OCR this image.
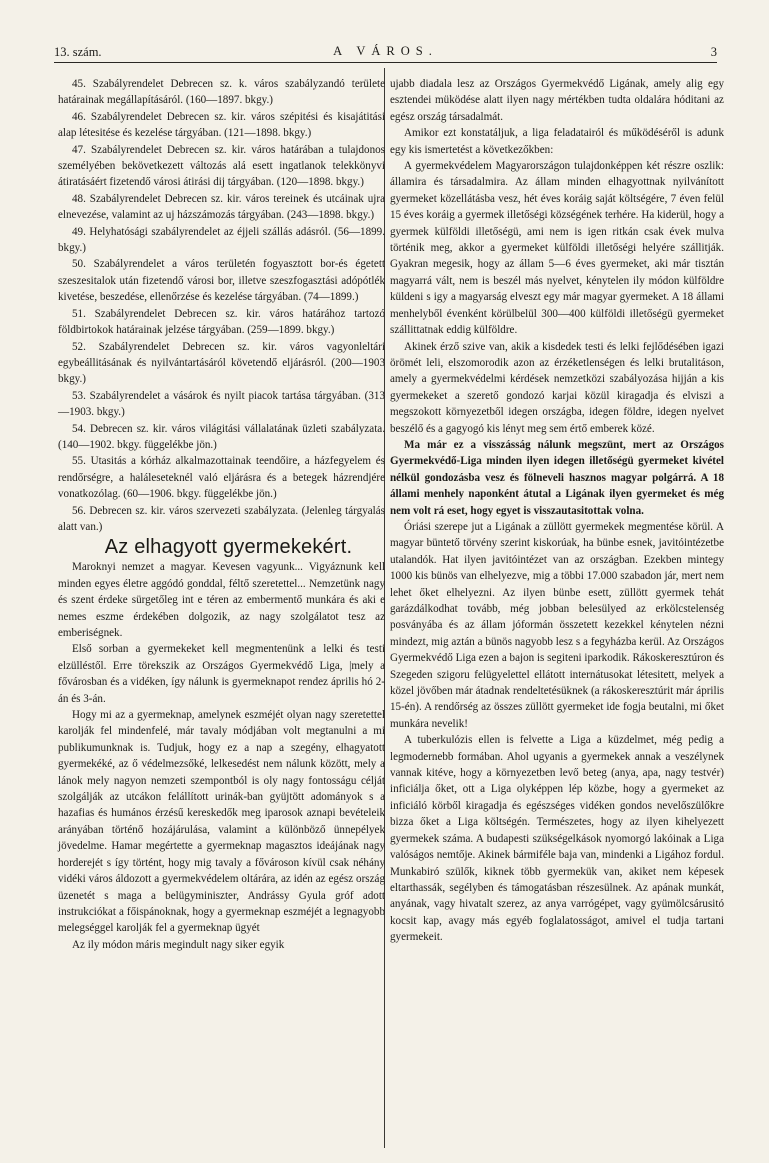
13. szám.	A VÁROS.	3

45. Szabályrendelet Debrecen sz. k. város szabályzandó területe határainak megállapításáról. (160—1897. bkgy.)

46. Szabályrendelet Debrecen sz. kir. város szépitési és kisajátitási alap létesitése és kezelése tárgyában. (121—1898. bkgy.)

47. Szabályrendelet Debrecen sz. kir. város határában a tulajdonos személyében bekövetkezett változás alá esett ingatlanok telekkönyvi átiratásáért fizetendő városi átirási dij tárgyában. (120—1898. bkgy.)

48. Szabályrendelet Debrecen sz. kir. város tereinek és utcáinak ujra elnevezése, valamint az uj házszámozás tárgyában. (243—1898. bkgy.)

49. Helyhatósági szabályrendelet az éjjeli szállás adásról. (56—1899. bkgy.)

50. Szabályrendelet a város területén fogyasztott bor-és égetett szeszesitalok után fizetendő városi bor, illetve szeszfogasztási adópótlék kivetése, beszedése, ellenőrzése és kezelése tárgyában. (74—1899.)

51. Szabályrendelet Debrecen sz. kir. város határához tartozó földbirtokok határainak jelzése tárgyában. (259—1899. bkgy.)

52. Szabályrendelet Debrecen sz. kir. város vagyonleltári egybeállitásának és nyilvántartásáról követendő eljárásról. (200—1903 bkgy.)

53. Szabályrendelet a vásárok és nyilt piacok tartása tárgyában. (313—1903. bkgy.)

54. Debrecen sz. kir. város világitási vállalatának üzleti szabályzata. (140—1902. bkgy. függelékbe jön.)

55. Utasitás a kórház alkalmazottainak teendőire, a házfegyelem és rendőrségre, a haláleseteknél való eljárásra és a betegek házrendjére vonatkozólag. (60—1906. bkgy. függelékbe jön.)

56. Debrecen sz. kir. város szervezeti szabályzata. (Jelenleg tárgyalás alatt van.)

Az elhagyott gyermekekért.

Maroknyi nemzet a magyar. Kevesen vagyunk... Vigyáznunk kell minden egyes életre aggódó gonddal, féltő szeretettel... Nemzetünk nagy és szent érdeke sürgetőleg int e téren az embermentő munkára és aki e nemes eszme érdekében dolgozik, az nagy szolgálatot tesz az emberiségnek.

Első sorban a gyermekeket kell megmentenünk a lelki és testi elzülléstől. Erre törekszik az Országos Gyermekvédő Liga, |mely a fővárosban és a vidéken, így nálunk is gyermeknapot rendez április hó 2-án és 3-án.

Hogy mi az a gyermeknap, amelynek eszméjét olyan nagy szeretettel karolják fel mindenfelé, már tavaly módjában volt megtanulni a mi publikumunknak is. Tudjuk, hogy ez a nap a szegény, elhagyatott gyermekéké, az ő védelmezsőké, lelkesedést nem nálunk között, mely a lánok mely nagyon nemzeti szempontból is oly nagy fontosságu célját szolgálják az utcákon felállított urinák-ban gyüjtött adományok s a hazafias és humános érzésű kereskedők meg iparosok aznapi bevételeik arányában történő hozájárulása, valamint a különböző ünnepélyek jövedelme. Hamar megértette a gyermeknap magasztos ideájának nagy horderejét s így történt, hogy mig tavaly a fővároson kívül csak néhány vidéki város áldozott a gyermekvédelem oltárára, az idén az egész ország üzenetét s maga a belügyminiszter, Andrássy Gyula gróf adott instrukciókat a főispánoknak, hogy a gyermeknap eszméjét a legnagyobb melegséggel karolják fel a gyermeknap ügyét

Az ily módon máris megindult nagy siker egyik

ujabb diadala lesz az Országos Gyermekvédő Ligának, amely alig egy esztendei müködése alatt ilyen nagy mértékben tudta oldalára hóditani az egész ország társadalmát.

Amikor ezt konstatáljuk, a liga feladatairól és működéséről is adunk egy kis ismertetést a következőkben:

A gyermekvédelem Magyarországon tulajdonképpen két részre oszlik: államira és társadalmira. Az állam minden elhagyottnak nyilvánított gyermeket közellátásba vesz, hét éves koráig saját költségére, 7 éven felül 15 éves koráig a gyermek illetőségi községének terhére. Ha kiderül, hogy a gyermek külföldi illetőségü, ami nem is igen ritkán csak évek mulva történik meg, akkor a gyermeket külföldi illetőségi helyére szállitják. Gyakran megesik, hogy az állam 5—6 éves gyermeket, aki már tisztán magyarrá vált, nem is beszél más nyelvet, kénytelen ily módon külföldre küldeni s igy a magyarság elveszt egy már magyar gyermeket. A 18 állami menhelyből évenként körülbelül 300—400 külföldi illetőségü gyermeket szállittatnak eddig külföldre.

Akinek érző szive van, akik a kisdedek testi és lelki fejlődésében igazi örömét leli, elszomorodik azon az érzéketlenségen és lelki brutalitáson, amely a gyermekvédelmi kérdések nemzetközi szabályozása hijján a kis gyermekeket a szerető gondozó karjai közül kiragadja és elviszi a megszokott környezetből idegen országba, idegen földre, idegen nyelvet beszélő és a gagyogó kis lényt meg sem értő emberek közé.

Ma már ez a visszásság nálunk megszünt, mert az Országos Gyermekvédő-Liga minden ilyen idegen illetőségü gyermeket kivétel nélkül gondozásba vesz és fölneveli hasznos magyar polgárrá. A 18 állami menhely naponként átutal a Ligának ilyen gyermeket és még nem volt rá eset, hogy egyet is visszautasitottak volna.

Óriási szerepe jut a Ligának a züllött gyermekek megmentése körül. A magyar büntető törvény szerint kiskorúak, ha bünbe esnek, javitóintézetbe utalandók. Hat ilyen javitóintézet van az országban. Ezekben mintegy 1000 kis bünös van elhelyezve, mig a többi 17.000 szabadon jár, mert nem lehet őket elhelyezni. Az ilyen bünbe esett, züllött gyermek tehát garázdálkodhat tovább, még jobban belesülyed az erkölcstelenség posványába és az állam jóformán összetett kezekkel kénytelen nézni mindezt, mig aztán a bünös nagyobb lesz s a fegyházba kerül. Az Országos Gyermekvédő Liga ezen a bajon is segiteni iparkodik. Rákoskeresztúron és Szegeden szigoru felügyelettel ellátott internátusokat létesitett, melyek a közel jövőben már átadnak rendeltetésüknek (a rákoskeresztúrit már április 15-én). A rendőrség az összes züllött gyermeket ide fogja beutalni, mi őket munkára nevelik!

A tuberkulózis ellen is felvette a Liga a küzdelmet, még pedig a legmodernebb formában. Ahol ugyanis a gyermekek annak a veszélynek vannak kitéve, hogy a környezetben levő beteg (anya, apa, nagy testvér) inficiálja őket, ott a Liga olyképpen lép közbe, hogy a gyermeket az inficiáló körből kiragadja és egészséges vidéken gondos nevelőszülőkre bizza őket a Liga költségén. Természetes, hogy az ilyen kihelyezett gyermekek száma. A budapesti szükségelkások nyomorgó lakóinak a Liga valóságos nemtője. Akinek bármiféle baja van, mindenki a Ligához fordul. Munkabiró szülők, kiknek több gyermekük van, akiket nem képesek eltarthassák, segélyben és támogatásban részesülnek. Az apának munkát, anyának, vagy hivatalt szerez, az anya varrógépet, vagy gyümölcsárusitó kocsit kap, avagy más egyéb foglalatosságot, amivel el tudja tartani gyermekeit.
